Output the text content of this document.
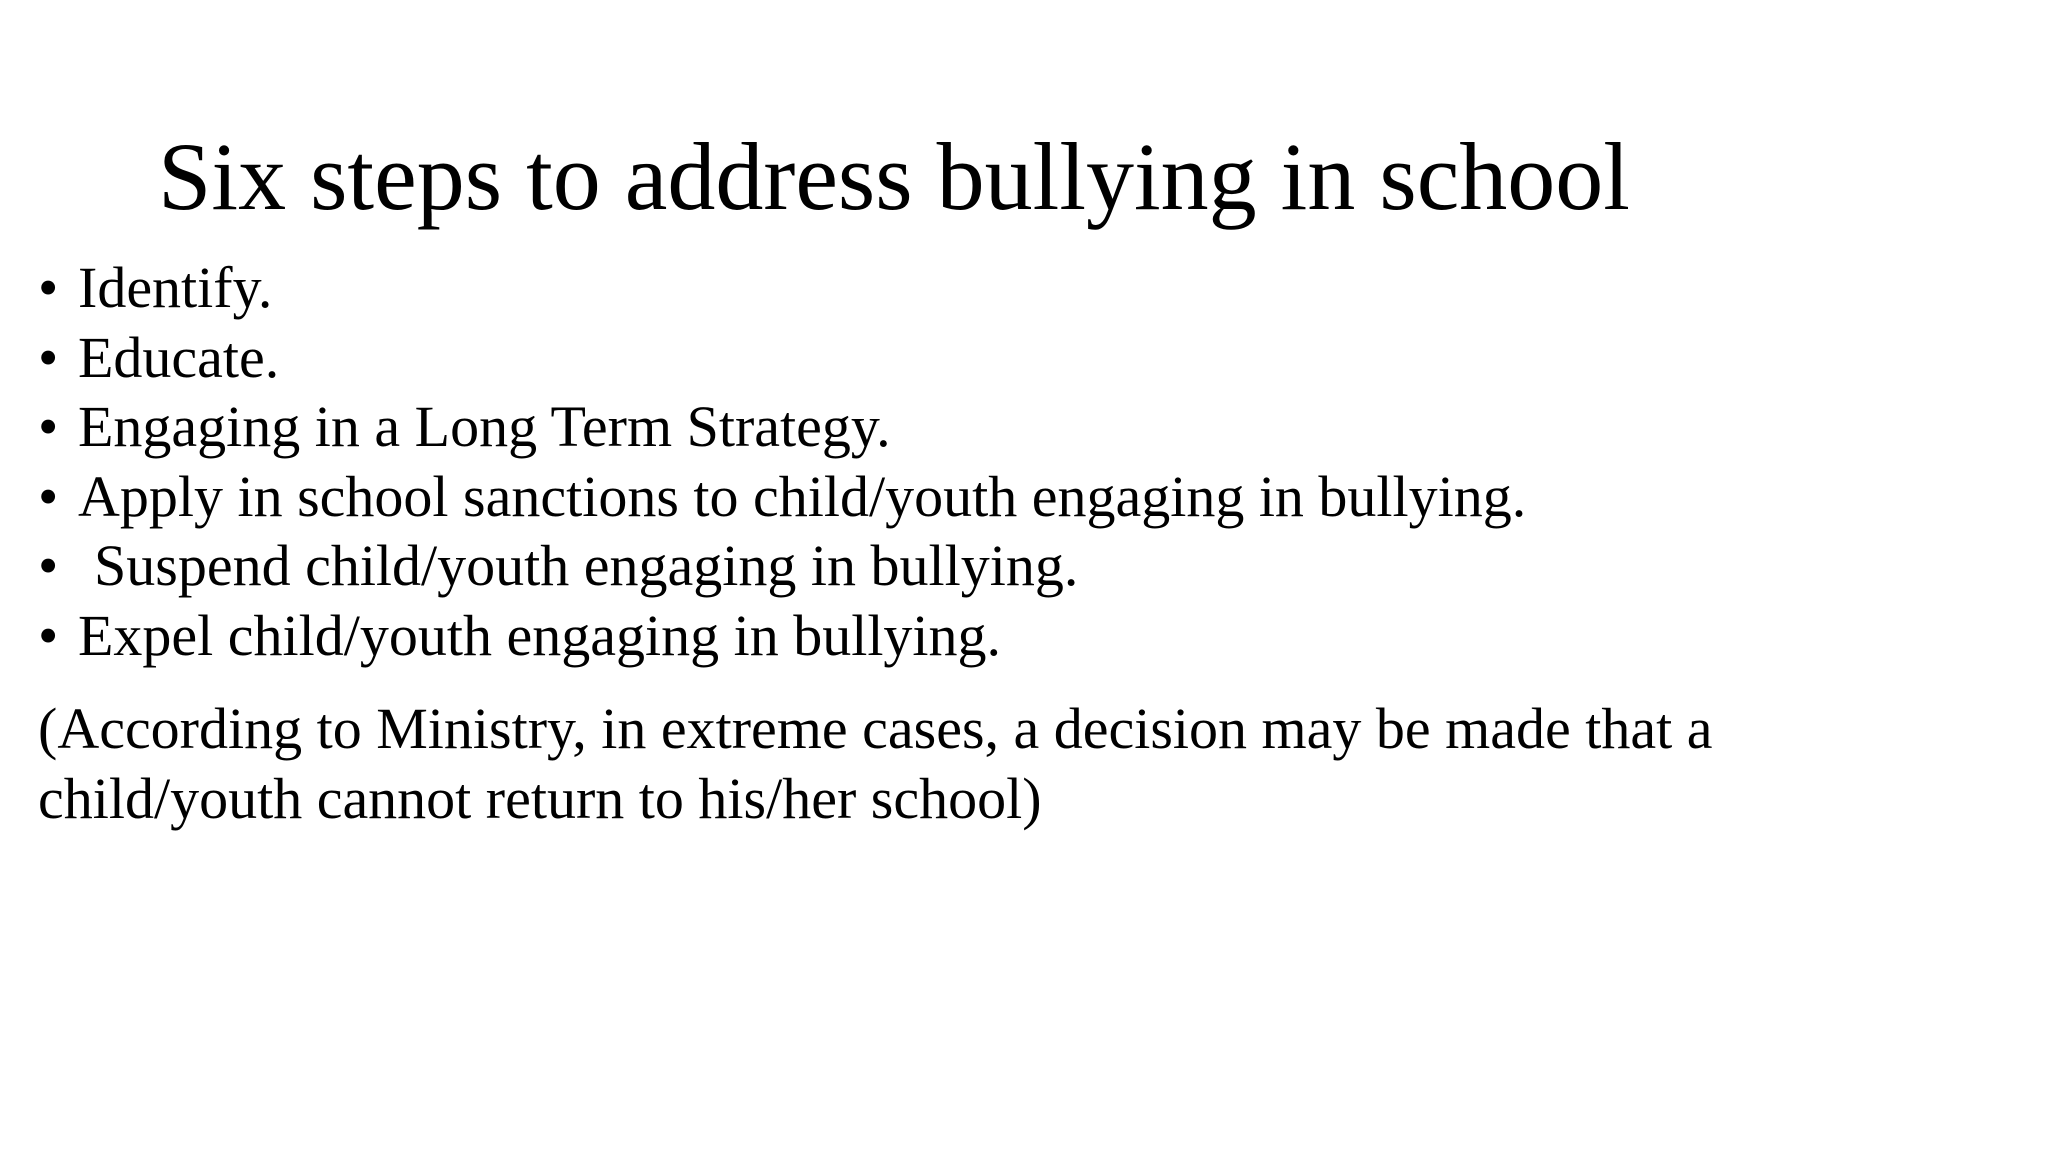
Six steps to address bullying in school
•
Identify.
•
Educate.
•
Engaging in a Long Term Strategy.
•
Apply in school sanctions to child/youth engaging in bullying.
•
Suspend child/youth engaging in bullying.
•
Expel child/youth engaging in bullying.

(According to Ministry, in extreme cases, a decision may be made that a
child/youth cannot return to his/her school)
